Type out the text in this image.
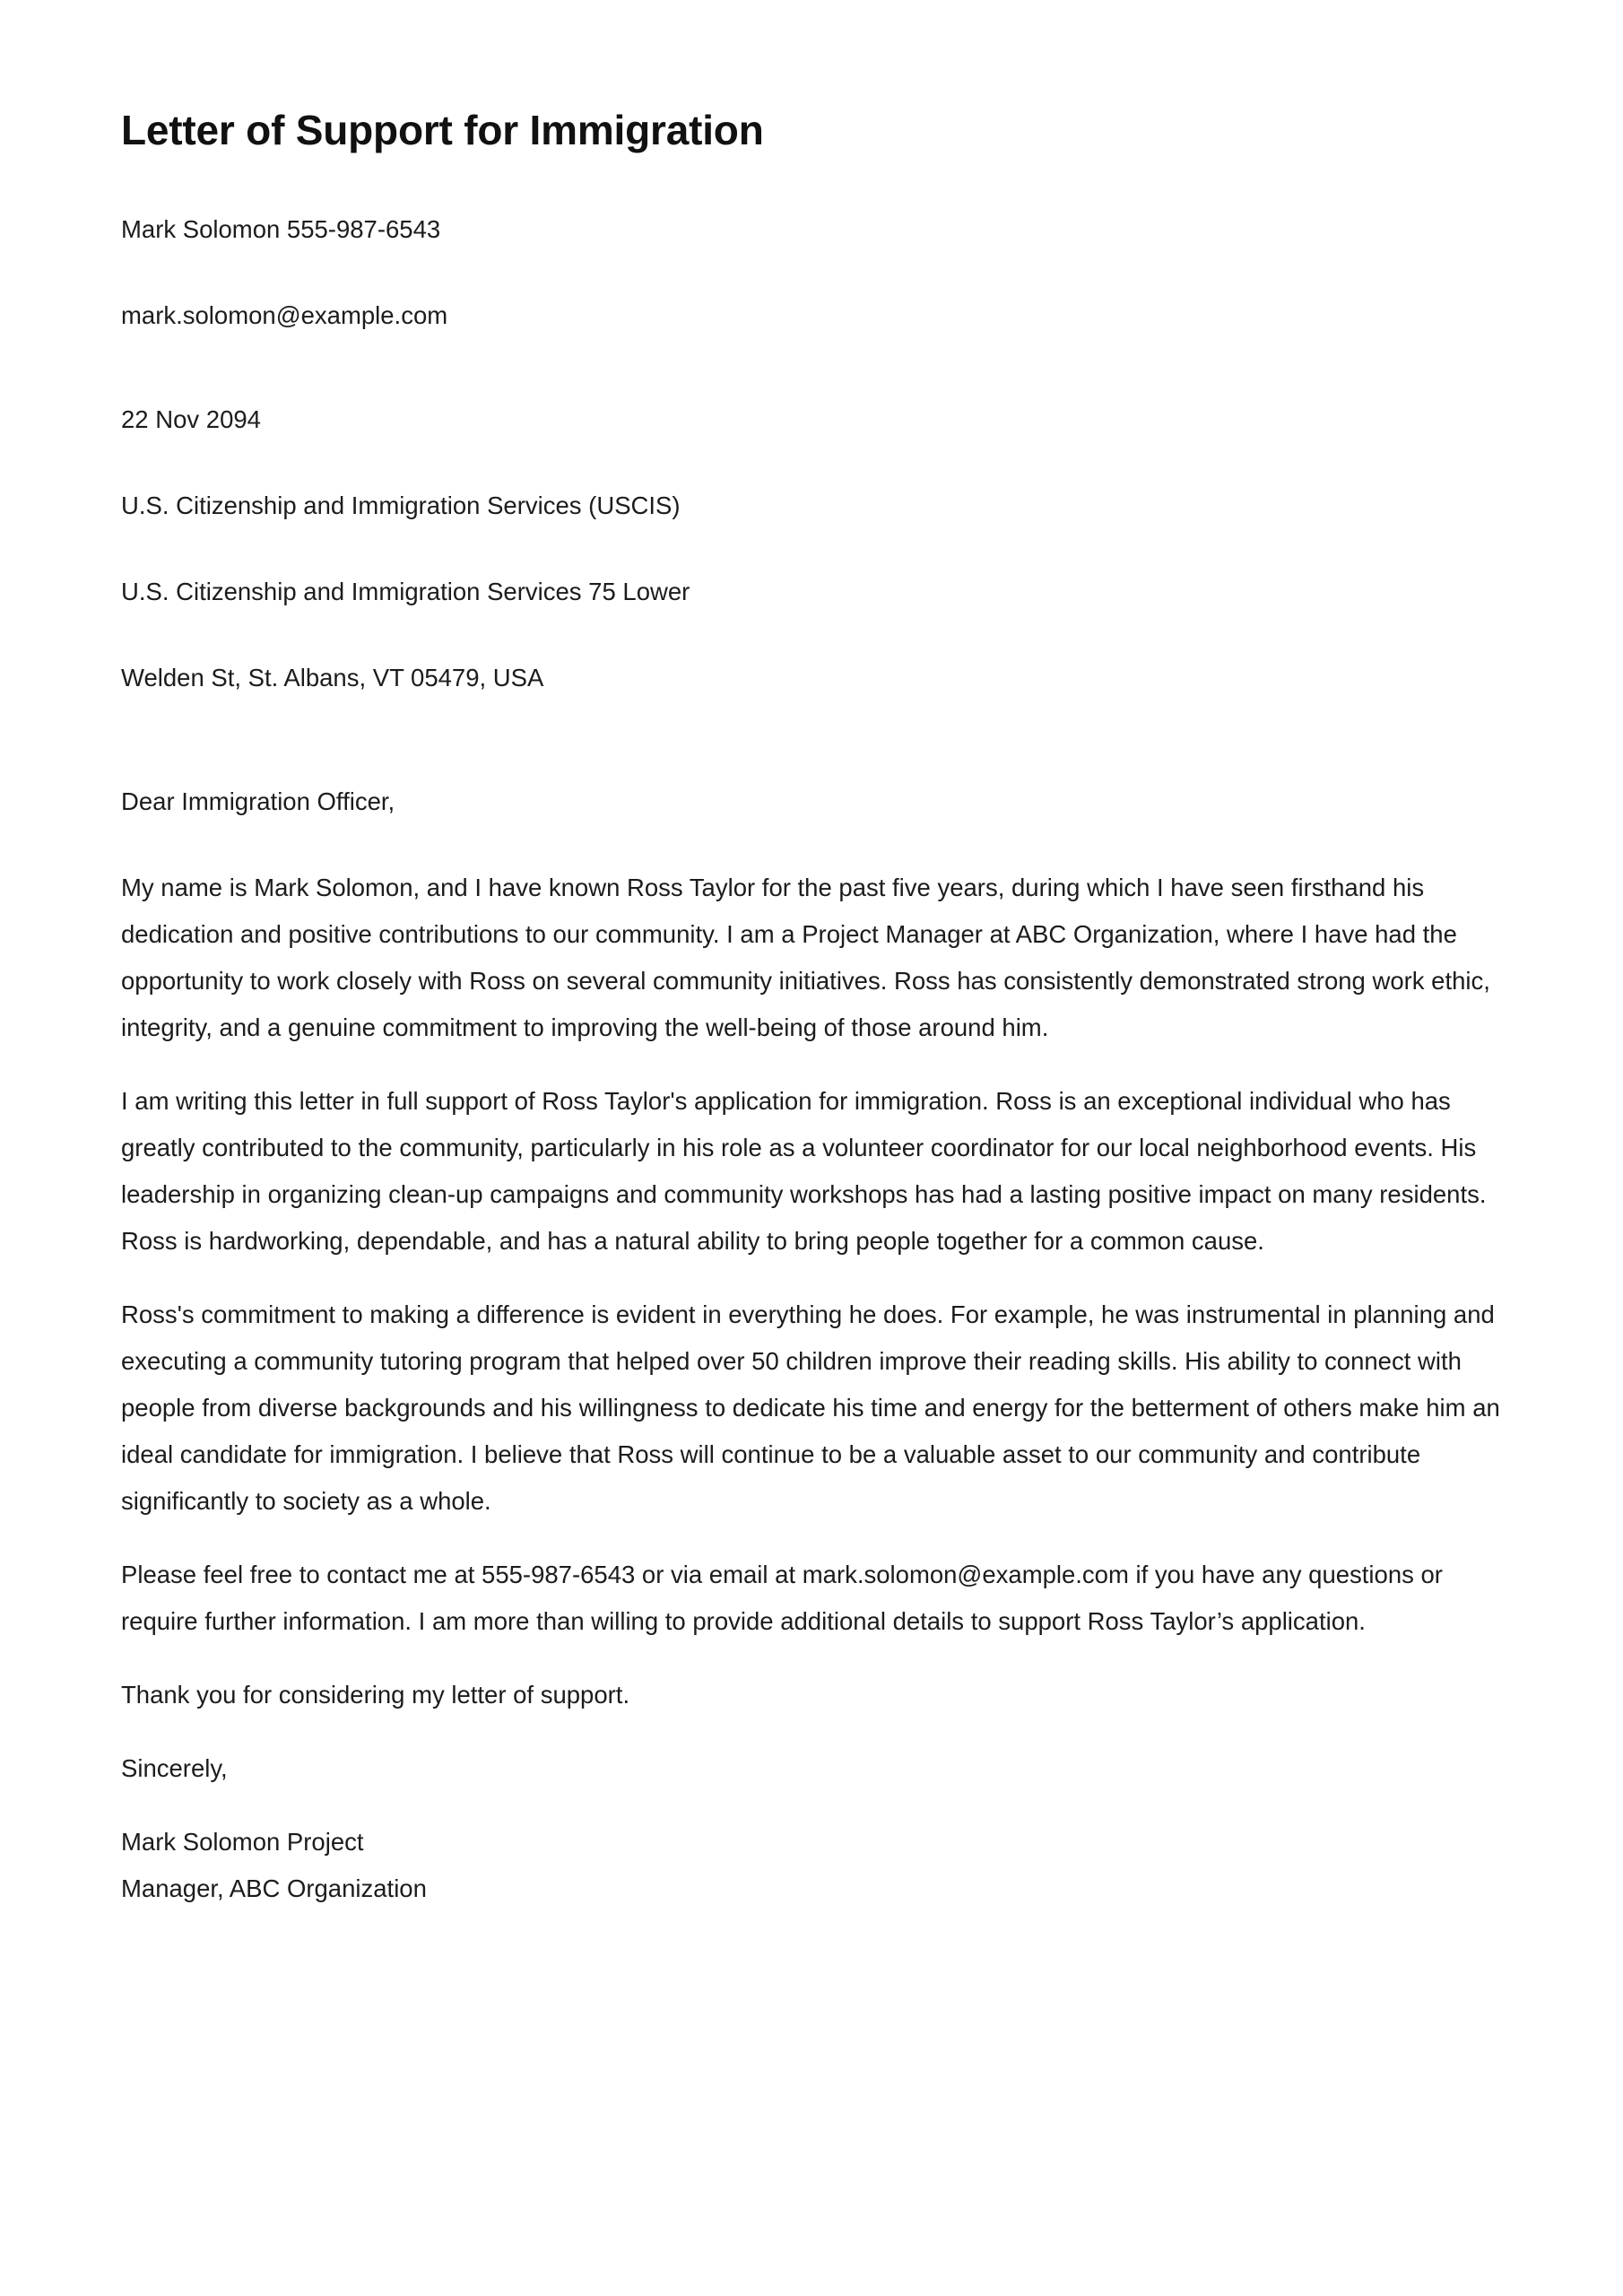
Letter of Support for Immigration

Mark Solomon 555-987-6543

mark.solomon@example.com

22 Nov 2094

U.S. Citizenship and Immigration Services (USCIS)

U.S. Citizenship and Immigration Services 75 Lower

Welden St, St. Albans, VT 05479, USA

Dear Immigration Officer,

My name is Mark Solomon, and I have known Ross Taylor for the past five years, during which I have seen firsthand his dedication and positive contributions to our community. I am a Project Manager at ABC Organization, where I have had the opportunity to work closely with Ross on several community initiatives. Ross has consistently demonstrated strong work ethic, integrity, and a genuine commitment to improving the well-being of those around him.

I am writing this letter in full support of Ross Taylor's application for immigration. Ross is an exceptional individual who has greatly contributed to the community, particularly in his role as a volunteer coordinator for our local neighborhood events. His leadership in organizing clean-up campaigns and community workshops has had a lasting positive impact on many residents. Ross is hardworking, dependable, and has a natural ability to bring people together for a common cause.

Ross's commitment to making a difference is evident in everything he does. For example, he was instrumental in planning and executing a community tutoring program that helped over 50 children improve their reading skills. His ability to connect with people from diverse backgrounds and his willingness to dedicate his time and energy for the betterment of others make him an ideal candidate for immigration. I believe that Ross will continue to be a valuable asset to our community and contribute significantly to society as a whole.

Please feel free to contact me at 555-987-6543 or via email at mark.solomon@example.com if you have any questions or require further information. I am more than willing to provide additional details to support Ross Taylor’s application.

Thank you for considering my letter of support.

Sincerely,

Mark Solomon Project

Manager, ABC Organization
